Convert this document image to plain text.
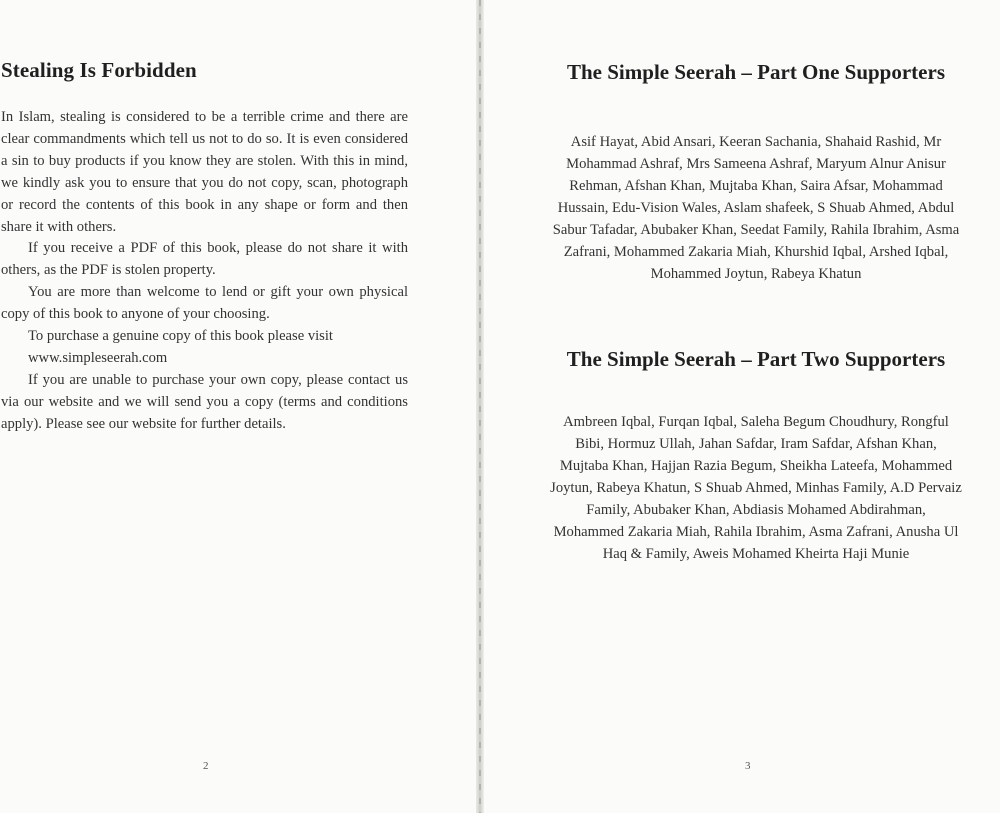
Stealing Is Forbidden

In Islam, stealing is considered to be a terrible crime and there are clear commandments which tell us not to do so. It is even considered a sin to buy products if you know they are stolen. With this in mind, we kindly ask you to ensure that you do not copy, scan, photograph or record the contents of this book in any shape or form and then share it with others.

If you receive a PDF of this book, please do not share it with others, as the PDF is stolen property.

You are more than welcome to lend or gift your own physical copy of this book to anyone of your choosing.

To purchase a genuine copy of this book please visit
www.simpleseerah.com

If you are unable to purchase your own copy, please contact us via our website and we will send you a copy (terms and conditions apply). Please see our website for further details.

2
The Simple Seerah – Part One Supporters

Asif Hayat, Abid Ansari, Keeran Sachania, Shahaid Rashid, Mr Mohammad Ashraf, Mrs Sameena Ashraf, Maryum Alnur Anisur Rehman, Afshan Khan, Mujtaba Khan, Saira Afsar, Mohammad Hussain, Edu-Vision Wales, Aslam shafeek, S Shuab Ahmed, Abdul Sabur Tafadar, Abubaker Khan, Seedat Family, Rahila Ibrahim, Asma Zafrani, Mohammed Zakaria Miah, Khurshid Iqbal, Arshed Iqbal, Mohammed Joytun, Rabeya Khatun

The Simple Seerah – Part Two Supporters

Ambreen Iqbal, Furqan Iqbal, Saleha Begum Choudhury, Rongful Bibi, Hormuz Ullah, Jahan Safdar, Iram Safdar, Afshan Khan, Mujtaba Khan, Hajjan Razia Begum, Sheikha Lateefa, Mohammed Joytun, Rabeya Khatun, S Shuab Ahmed, Minhas Family, A.D Pervaiz Family, Abubaker Khan, Abdiasis Mohamed Abdirahman, Mohammed Zakaria Miah, Rahila Ibrahim, Asma Zafrani, Anusha Ul Haq & Family, Aweis Mohamed Kheirta Haji Munie

3
